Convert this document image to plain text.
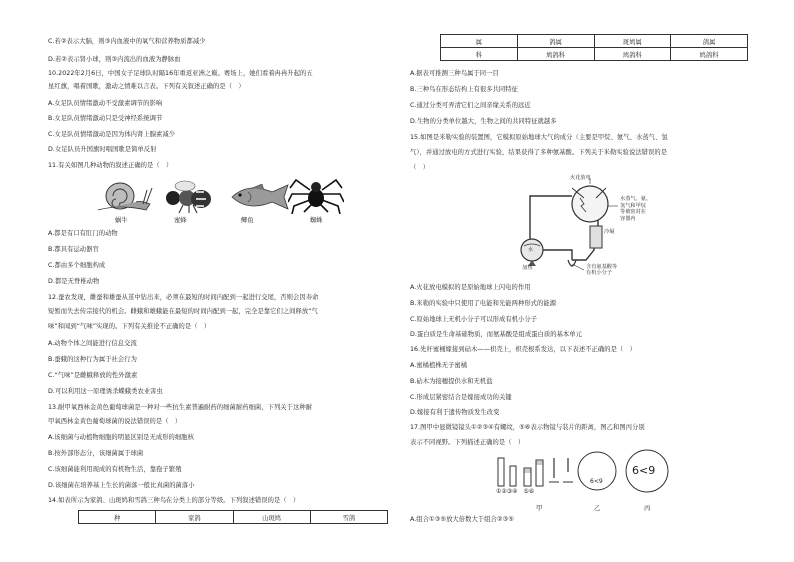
C.若②表示大脑，则③内血液中的氧气和营养物质都减少
D.若②表示肾小球，则③内流出的血液为静脉血
10.2022年2月6日，中国女子足球队时隔16年重返亚洲之巅。赛场上，她们看着冉冉升起的五
星红旗，唱着国歌，激动之情难以言表。下列有关叙述正确的是（　）
A.女足队员情绪激动不受激素调节的影响
B.女足队员情绪激动只是受神经系统调节
C.女足队员情绪激动是因为体内肾上腺素减少
D.女足队员升国旗时唱国歌是简单反射
11.有关如图几种动物的叙述正确的是（　）
蜗牛	蜜蜂	鲫鱼	蜘蛛
A.都是有口有肛门的动物
B.都具有运动器官
C.都由多个细胞构成
D.都是无脊椎动物
12.蚕农发现，雌蚕和雄蚕从茧中钻出来，必须在最短的时间内配到一起进行交尾，否则会因寿命
短暂而失去传宗接代的机会。雌蛾和雄蛾能在最短的时间内配到一起，完全是靠它们之间释放“气
味”和闻到“气味”实现的。下列有关推论不正确的是（　）
A.动物个体之间能进行信息交流
B.蚕蛾的这种行为属于社会行为
C.“气味”是雌蛾释放的性外激素
D.可以利用这一原理诱杀蝶蛾类农业害虫
13.耐甲氧西林金黄色葡萄球菌是一种对一些抗生素普遍耐药的细菌耐药细菌，下列关于这种耐
甲氧西林金黄色葡萄球菌的说法错误的是（　）
A.该细菌与动植物细胞的明显区别是无成形的细胞核
B.按外部形态分，该细菌属于球菌
C.该细菌能利用现成的有机物生活，靠孢子繁殖
D.该细菌在培养基上生长的菌落一般比真菌的菌落小
14.如表所示为家鸽、山斑鸠和雪鸽三种鸟在分类上的部分等级。下列叙述错误的是（　）
种	家鸽	山斑鸠	雪鸽
属	鸽属	斑鸠属	鸽属
科	鸠鸽科	鸠鸽科	鸠鸽科
A.据表可推测三种鸟属于同一目
B.三种鸟在形态结构上有很多共同特征
C.通过分类可弄清它们之间亲缘关系的远近
D.生物的分类单位越大，生物之间的共同特征就越多
15.如图是米勒实验的装置图，它模拟原始地球大气的成分（主要是甲烷、氨气、水蒸气、氢
气），并通过放电的方式进行实验，结果获得了多种氨基酸。下列关于米勒实验说法错误的是
（　）
火花放电
水蒸气、氨、
氢气和甲烷
等被密封在
容器内
冷凝
水
加热	含有氨基酸等
有机小分子
A.火花放电模拟的是原始地球上闪电的作用
B.米勒的实验中只使用了电能和光能两种形式的能源
C.原始地球上无机小分子可以形成有机小分子
D.蛋白质是生命基础物质，而氨基酸是组成蛋白质的基本单元
16.先秆蜜桶嫁接到砧木——枳壳上，枳壳根系发达，以下表述不正确的是（　）
A.蜜橘植株无子蜜橘
B.砧木为接穗提供水和无机盐
C.形成层紧密结合是嫁接成功的关键
D.嫁接有利于遗传物质发生改变
17.图甲中显微镜镜头①②③④有螺纹，⑤⑥表示物镜与装片的距离，图乙和图丙分别
表示不同视野。下列描述正确的是（　）
①②③④　⑤⑥
6<9
6<9
甲	乙	丙
A.组合①③⑤放大倍数大于组合②③⑤
